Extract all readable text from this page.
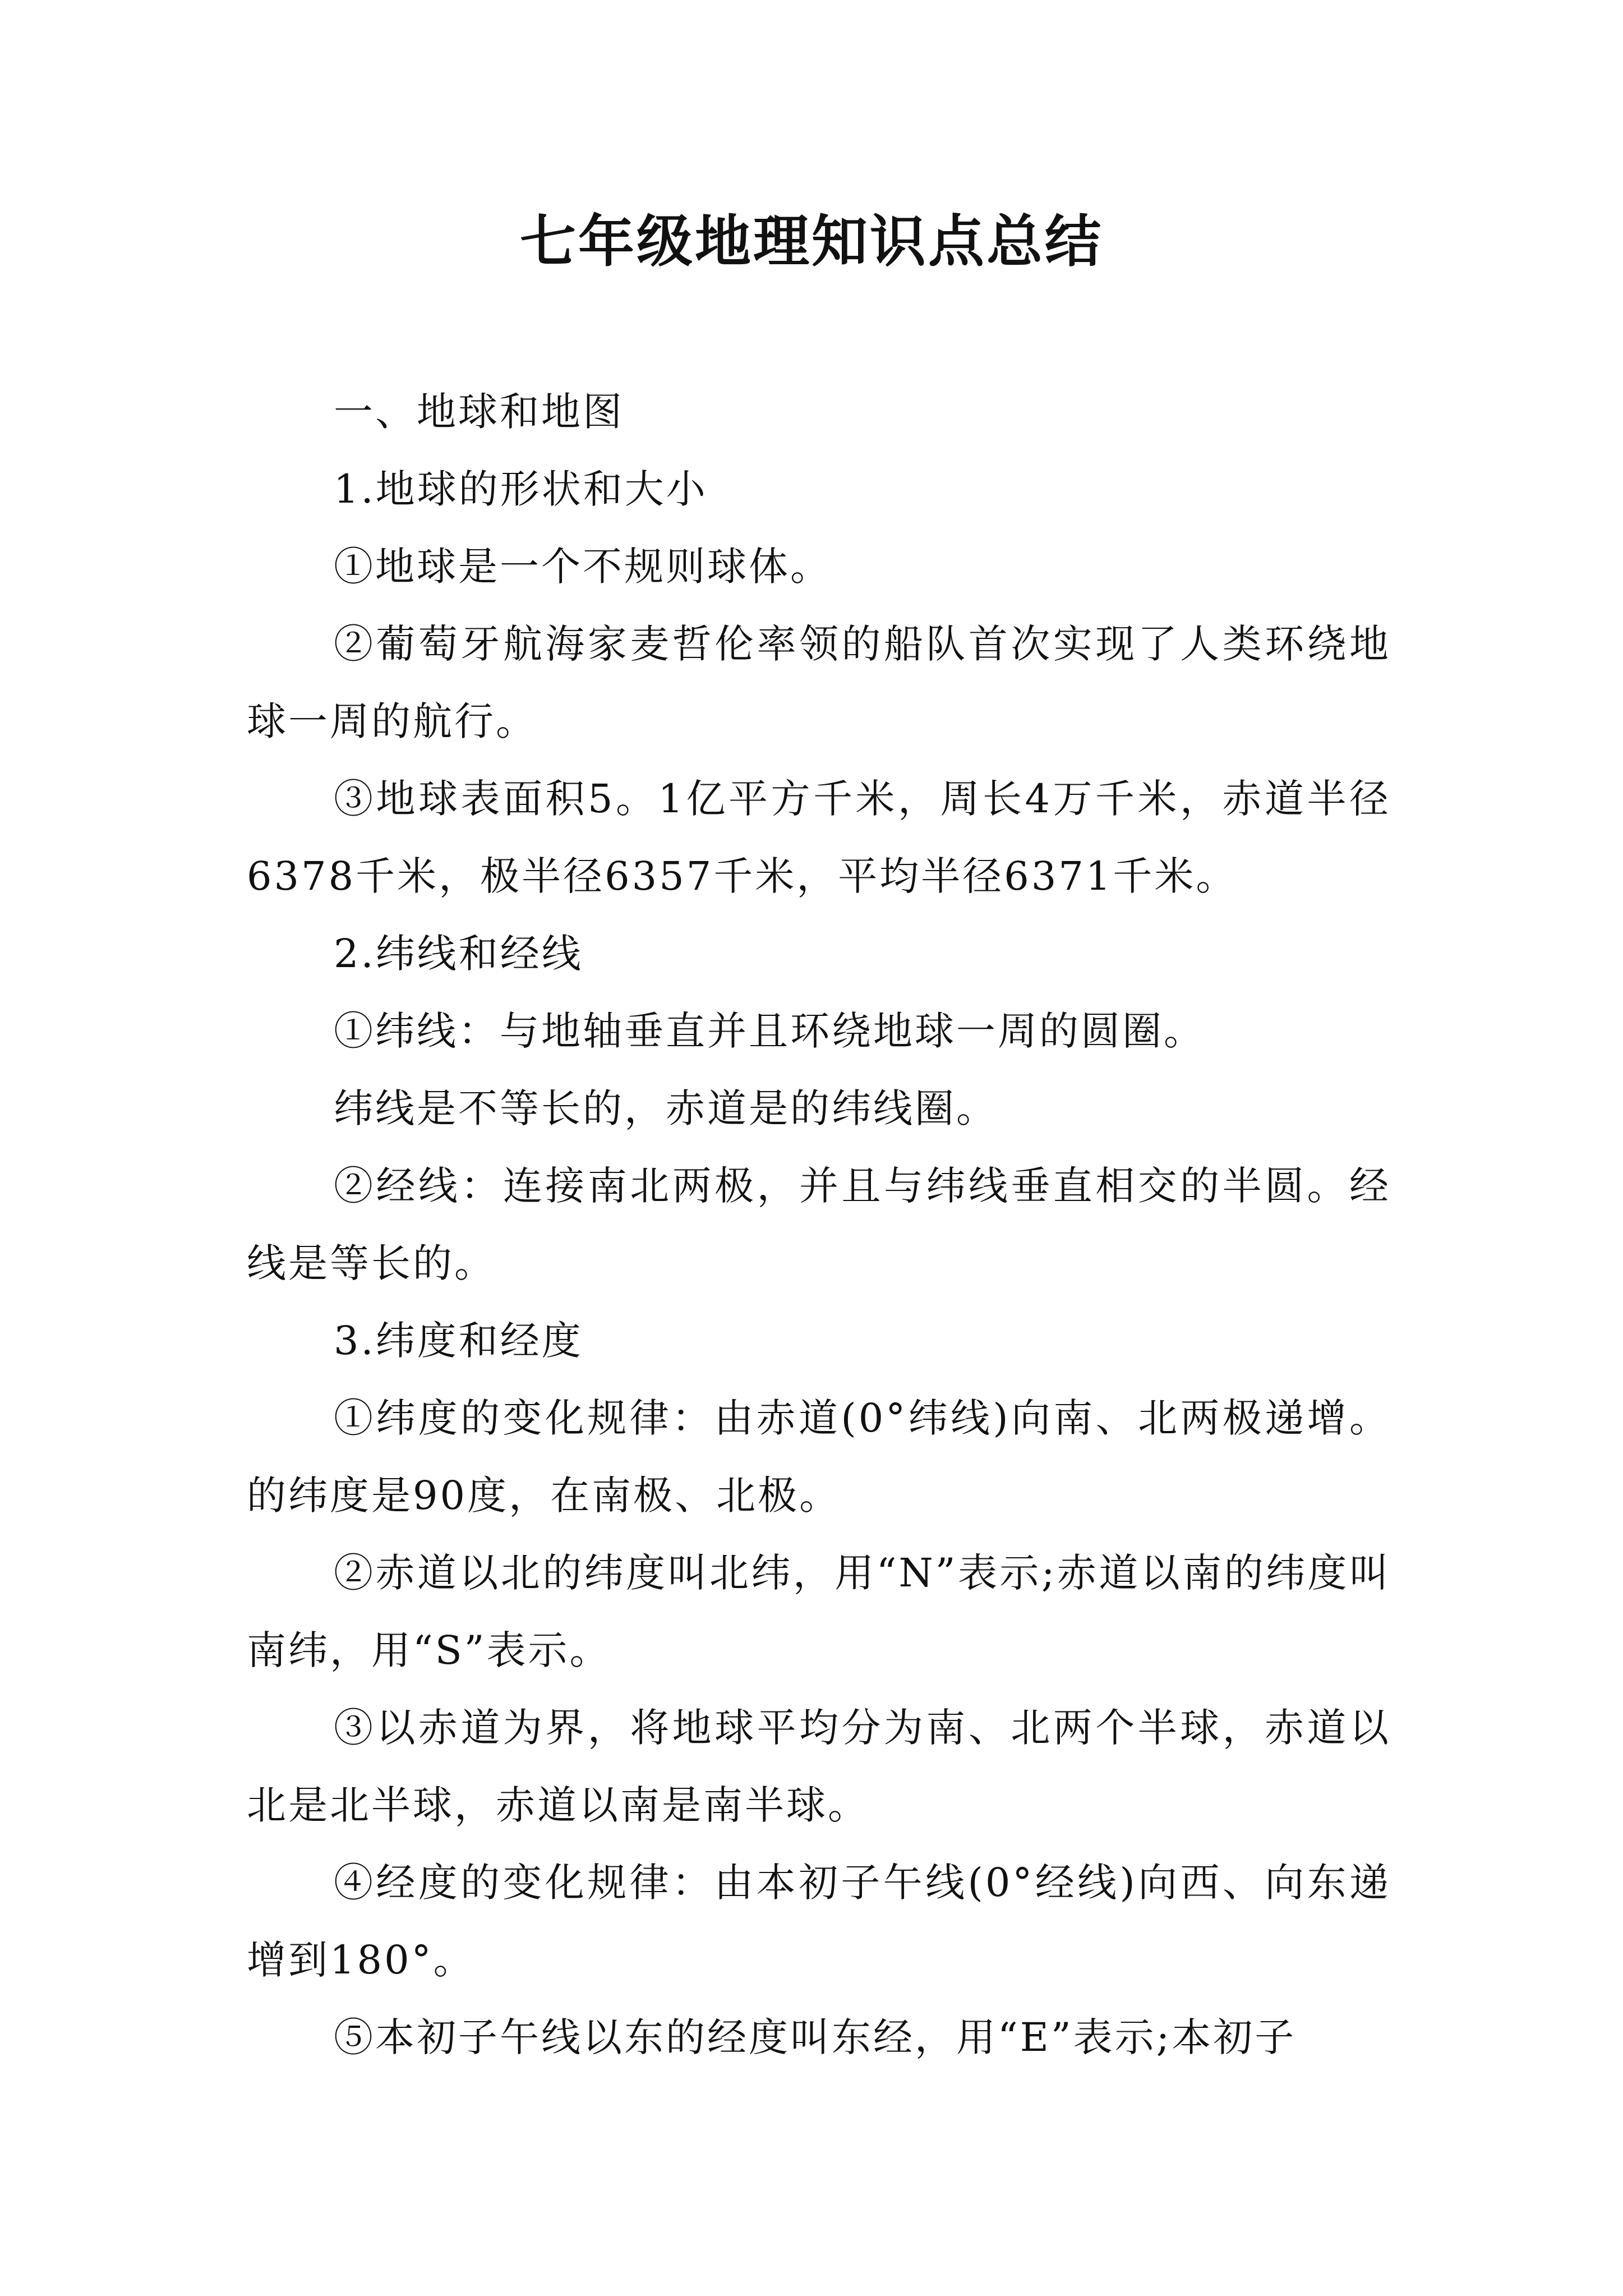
七年级地理知识点总结

一、地球和地图

1.地球的形状和大小

①地球是一个不规则球体。

②葡萄牙航海家麦哲伦率领的船队首次实现了人类环绕地球一周的航行。

③地球表面积5。1亿平方千米，周长4万千米，赤道半径6378千米，极半径6357千米，平均半径6371千米。

2.纬线和经线

①纬线：与地轴垂直并且环绕地球一周的圆圈。

纬线是不等长的，赤道是的纬线圈。

②经线：连接南北两极，并且与纬线垂直相交的半圆。经线是等长的。

3.纬度和经度

①纬度的变化规律：由赤道(0°纬线)向南、北两极递增。的纬度是90度，在南极、北极。

②赤道以北的纬度叫北纬，用“N”表示;赤道以南的纬度叫南纬，用“S”表示。

③以赤道为界，将地球平均分为南、北两个半球，赤道以北是北半球，赤道以南是南半球。

④经度的变化规律：由本初子午线(0°经线)向西、向东递增到180°。

⑤本初子午线以东的经度叫东经，用“E”表示;本初子
